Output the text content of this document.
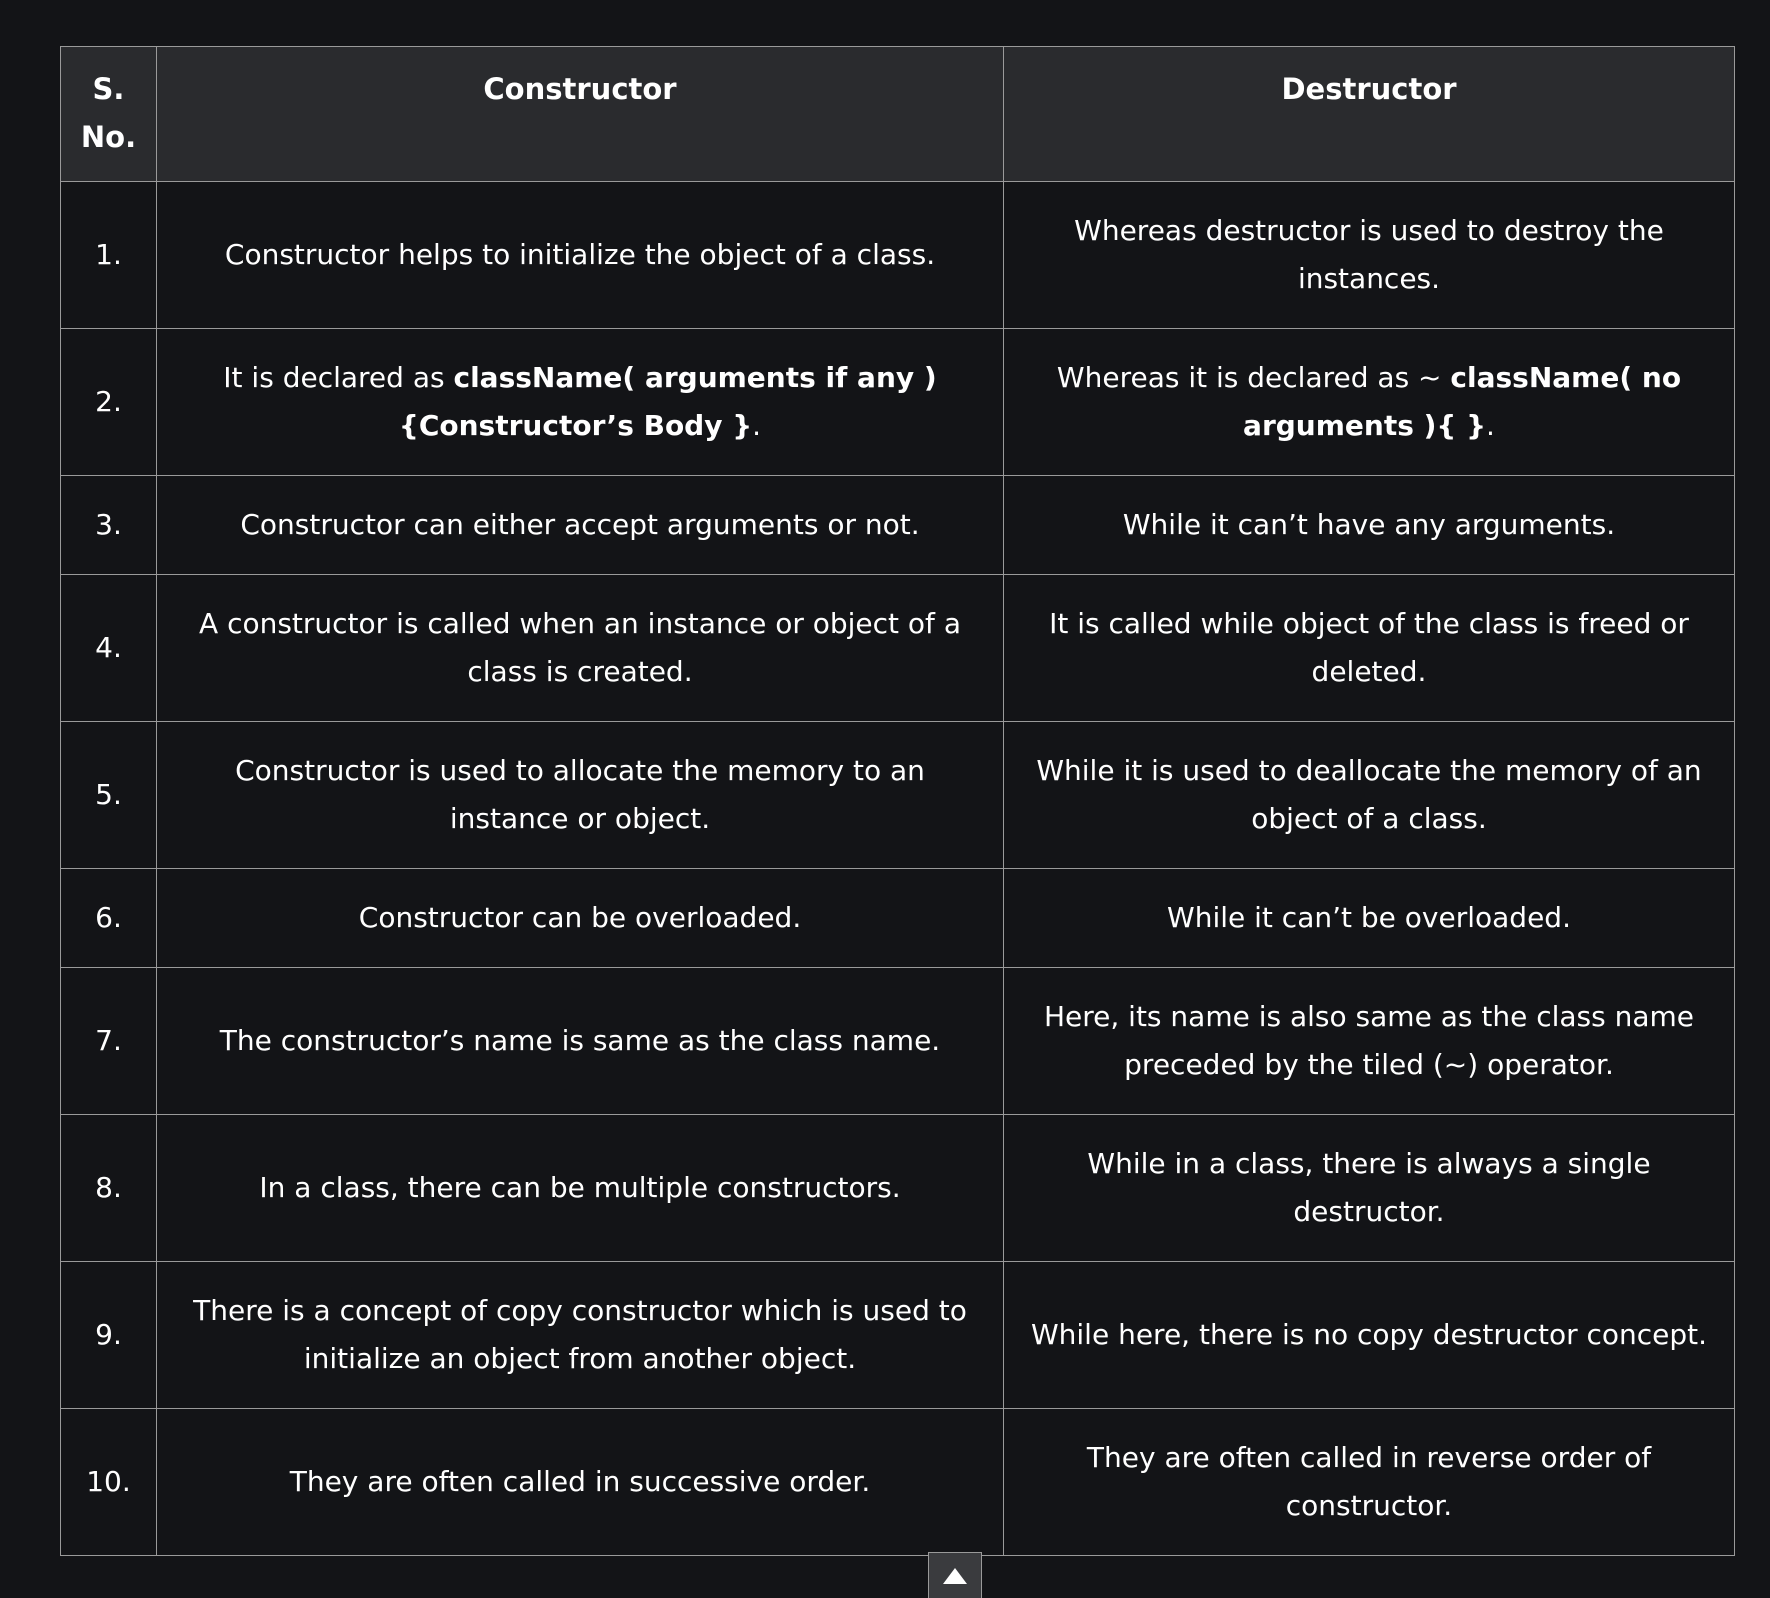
S. No.	Constructor	Destructor
1.	Constructor helps to initialize the object of a class.	Whereas destructor is used to destroy the instances.
2.	It is declared as className( arguments if any ){Constructor’s Body }.	Whereas it is declared as ~ className( no arguments ){ }.
3.	Constructor can either accept arguments or not.	While it can’t have any arguments.
4.	A constructor is called when an instance or object of a class is created.	It is called while object of the class is freed or deleted.
5.	Constructor is used to allocate the memory to an instance or object.	While it is used to deallocate the memory of an object of a class.
6.	Constructor can be overloaded.	While it can’t be overloaded.
7.	The constructor’s name is same as the class name.	Here, its name is also same as the class name preceded by the tiled (~) operator.
8.	In a class, there can be multiple constructors.	While in a class, there is always a single destructor.
9.	There is a concept of copy constructor which is used to initialize an object from another object.	While here, there is no copy destructor concept.
10.	They are often called in successive order.	They are often called in reverse order of constructor.
